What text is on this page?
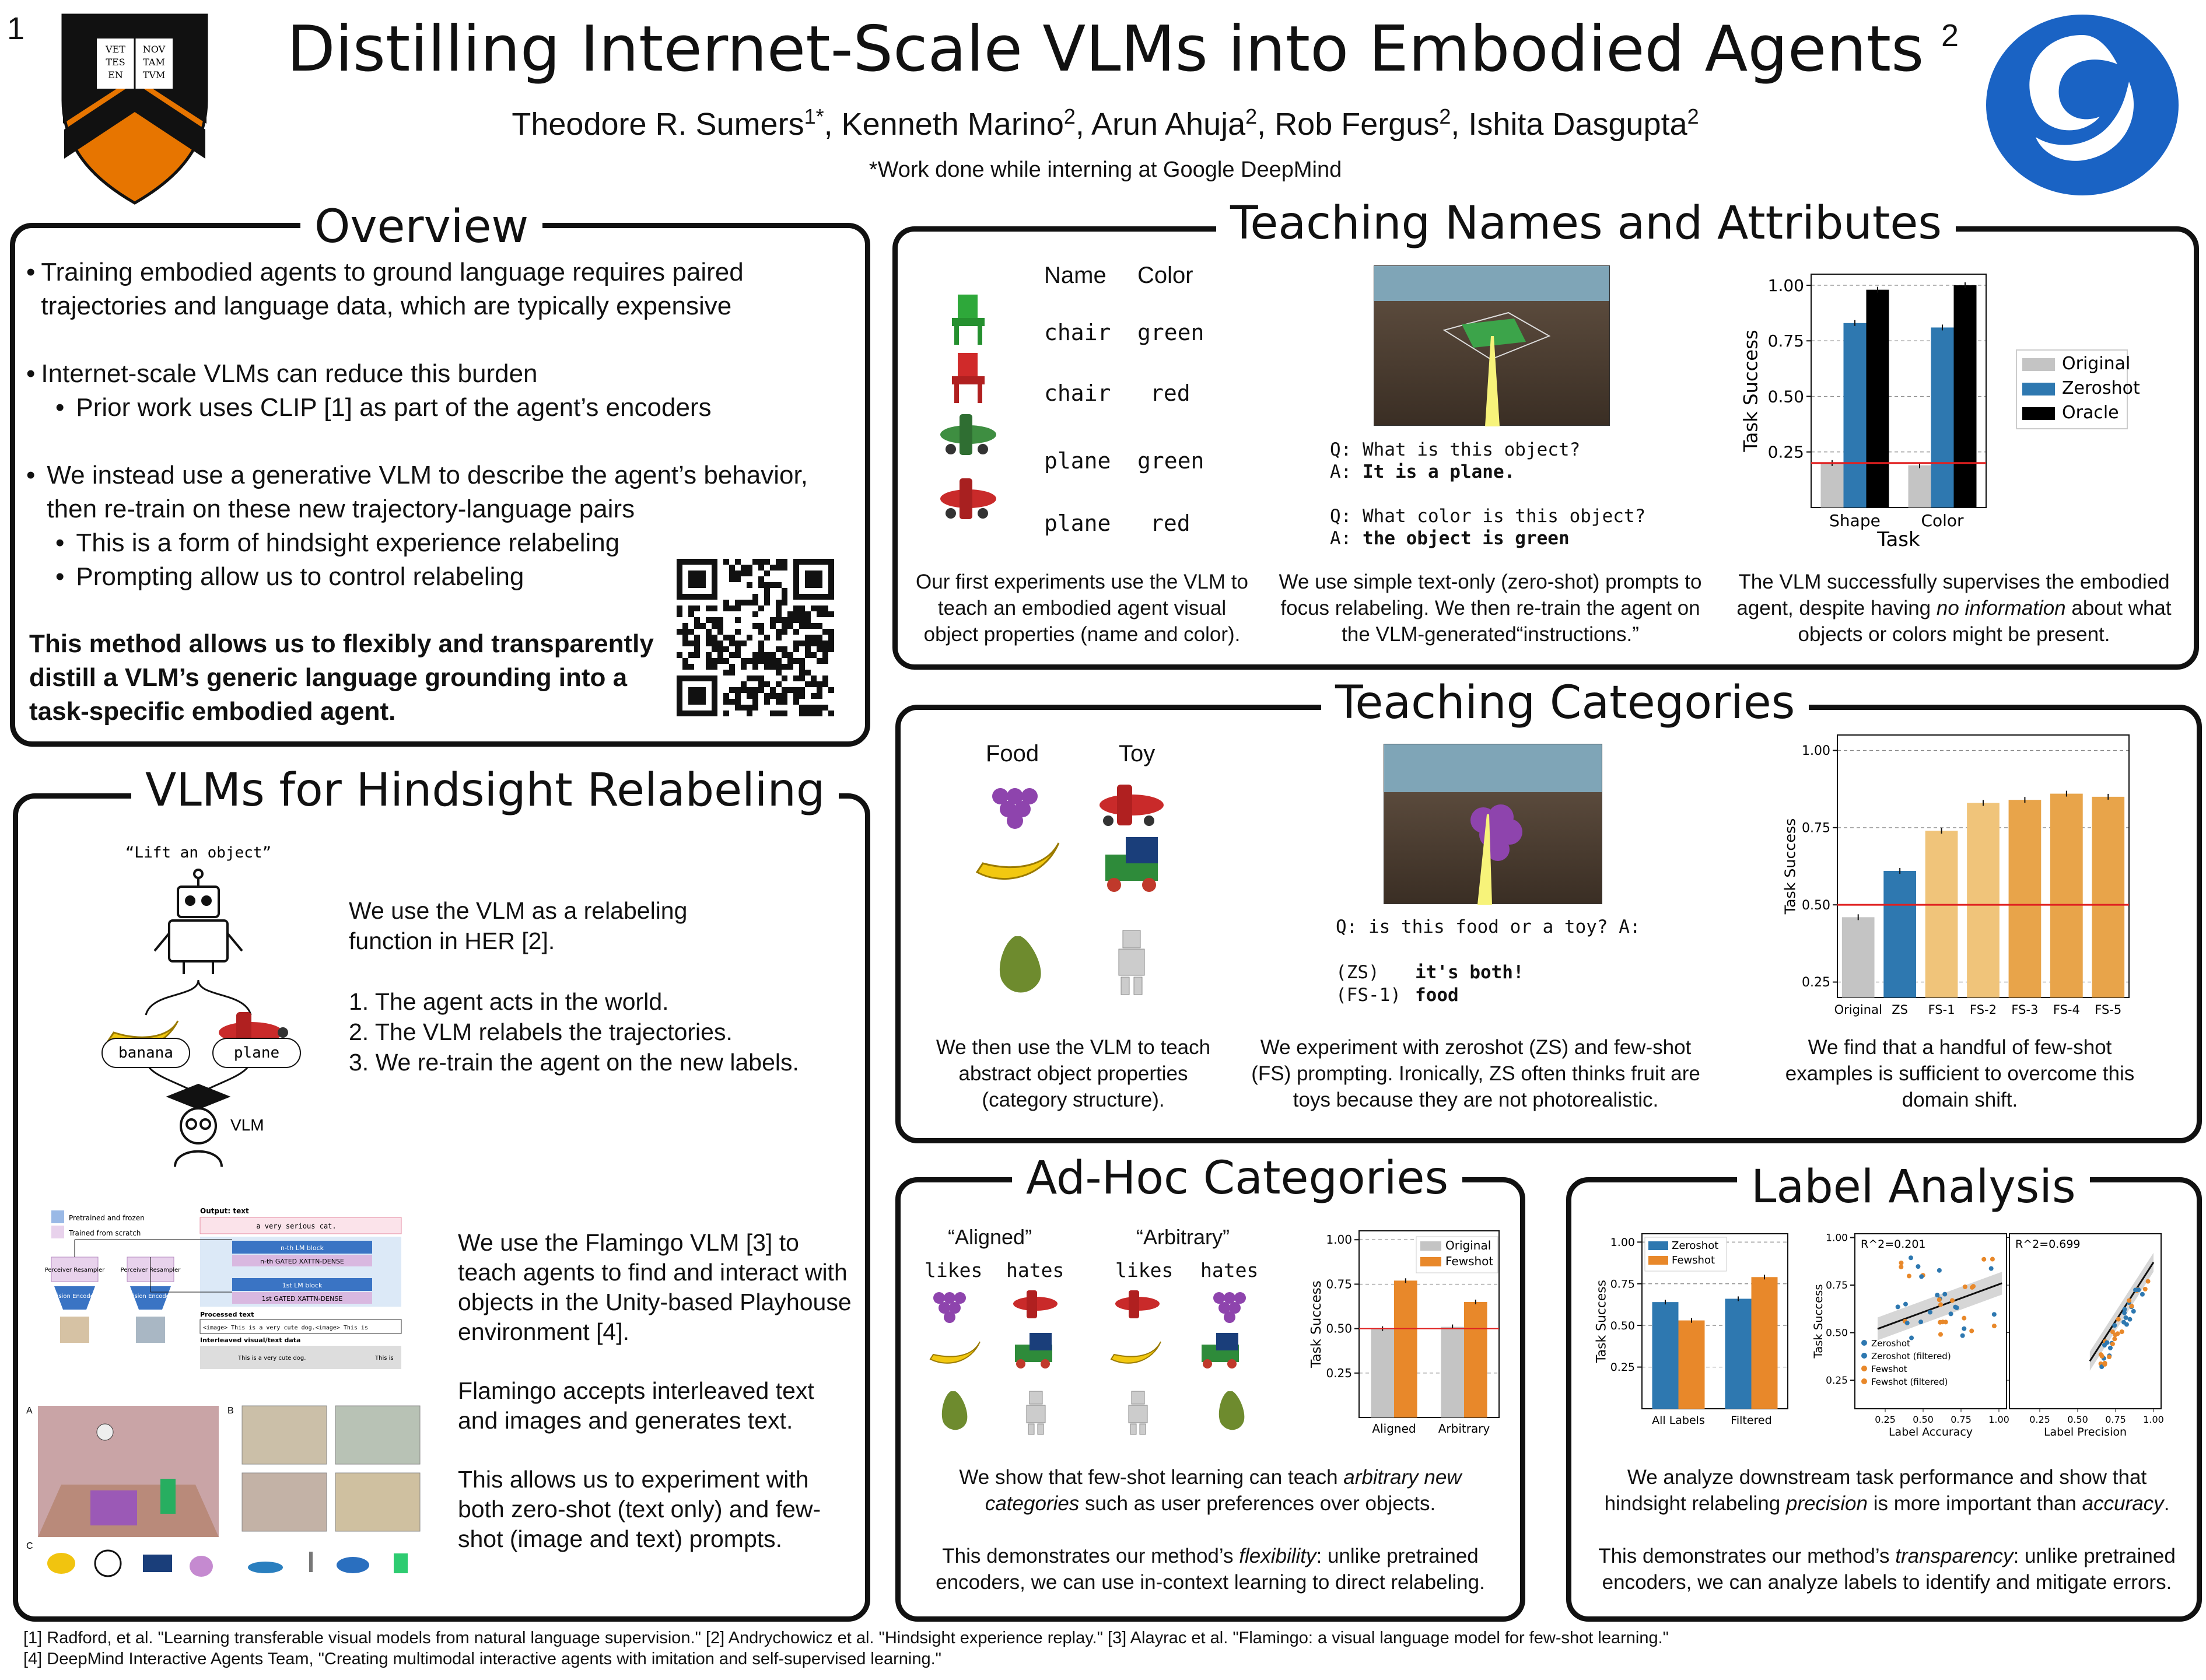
1
VET
TES
EN
NOV
TAM
TVM	Distilling Internet-Scale VLMs into Embodied Agents
Theodore R. Sumers$^{1*}$, Kenneth Marino$^2$, Arun Ahuja$^2$, Rob Fergus$^2$, Ishita Dasgupta$^2$
*Work done while interning at Google DeepMind
2
Overview
• Training embodied agents to ground language requires paired trajectories and language data, which are typically expensive
• Internet-scale VLMs can reduce this burden
• Prior work uses CLIP [1] as part of the agent’s encoders
• We instead use a generative VLM to describe the agent’s behavior, then re-train on these new trajectory-language pairs
• This is a form of hindsight experience relabeling
• Prompting allow us to control relabeling
This method allows us to flexibly and transparently distill a VLM’s generic language grounding into a task-specific embodied agent.
VLMs for Hindsight Relabeling
“Lift an object”
banana	plane
VLM
We use the VLM as a relabeling function in HER [2].
1. The agent acts in the world.
2. The VLM relabels the trajectories.
3. We re-train the agent on the new labels.
Pretrained and frozen
Trained from scratch
Output: text
a very serious cat.
n-th LM block
n-th GATED XATTN-DENSE
1st LM block
1st GATED XATTN-DENSE
Perceiver Resampler	Perceiver Resampler
Vision Encoder	Vision Encoder
Processed text
<image> This is a very cute dog.<image> This is
Interleaved visual/text data
This is a very cute dog.	This is
We use the Flamingo VLM [3] to teach agents to find and interact with objects in the Unity-based Playhouse environment [4].
Flamingo accepts interleaved text and images and generates text.
This allows us to experiment with both zero-shot (text only) and few-shot (image and text) prompts.
A	B
C
Teaching Names and Attributes
Name Color
chair green
chair red
plane green
plane red
Q: What is this object?
A: It is a plane.
Q: What color is this object?
A: the object is green
0.25
0.50
0.75
1.00
Task Success
Shape Color
Task
Original
Zeroshot
Oracle
Our first experiments use the VLM to teach an embodied agent visual object properties (name and color).
We use simple text-only (zero-shot) prompts to focus relabeling. We then re-train the agent on the VLM-generated“instructions.”
The VLM successfully supervises the embodied agent, despite having no information about what objects or colors might be present.
Teaching Categories
Food	Toy
Q: is this food or a toy? A:
(ZS) it's both!
(FS-1) food
0.25
0.50
0.75
1.00
Task Success
Original ZS FS-1 FS-2 FS-3 FS-4 FS-5
We then use the VLM to teach abstract object properties (category structure).
We experiment with zeroshot (ZS) and few-shot (FS) prompting. Ironically, ZS often thinks fruit are toys because they are not photorealistic.
We find that a handful of few-shot examples is sufficient to overcome this domain shift.
Ad-Hoc Categories
“Aligned”	“Arbitrary”
likes hates	likes hates
0.25
0.50
0.75
1.00
Task Success
Aligned Arbitrary
Original
Fewshot
We show that few-shot learning can teach arbitrary new categories such as user preferences over objects.
This demonstrates our method’s flexibility: unlike pretrained encoders, we can use in-context learning to direct relabeling.
Label Analysis
0.25
0.50
0.75
1.00
Task Success
All Labels Filtered
Zeroshot
Fewshot
0.25
0.50
0.75
1.00
Task Success
0.25 0.50 0.75 1.00
Label Accuracy
R^2=0.201
0.25 0.50 0.75 1.00
Label Precision
R^2=0.699
Zeroshot
Zeroshot (filtered)
Fewshot
Fewshot (filtered)
We analyze downstream task performance and show that hindsight relabeling precision is more important than accuracy.
This demonstrates our method’s transparency: unlike pretrained encoders, we can analyze labels to identify and mitigate errors.
[1] Radford, et al. "Learning transferable visual models from natural language supervision." [2] Andrychowicz et al. "Hindsight experience replay." [3] Alayrac et al. "Flamingo: a visual language model for few-shot learning."
[4] DeepMind Interactive Agents Team, "Creating multimodal interactive agents with imitation and self-supervised learning."
